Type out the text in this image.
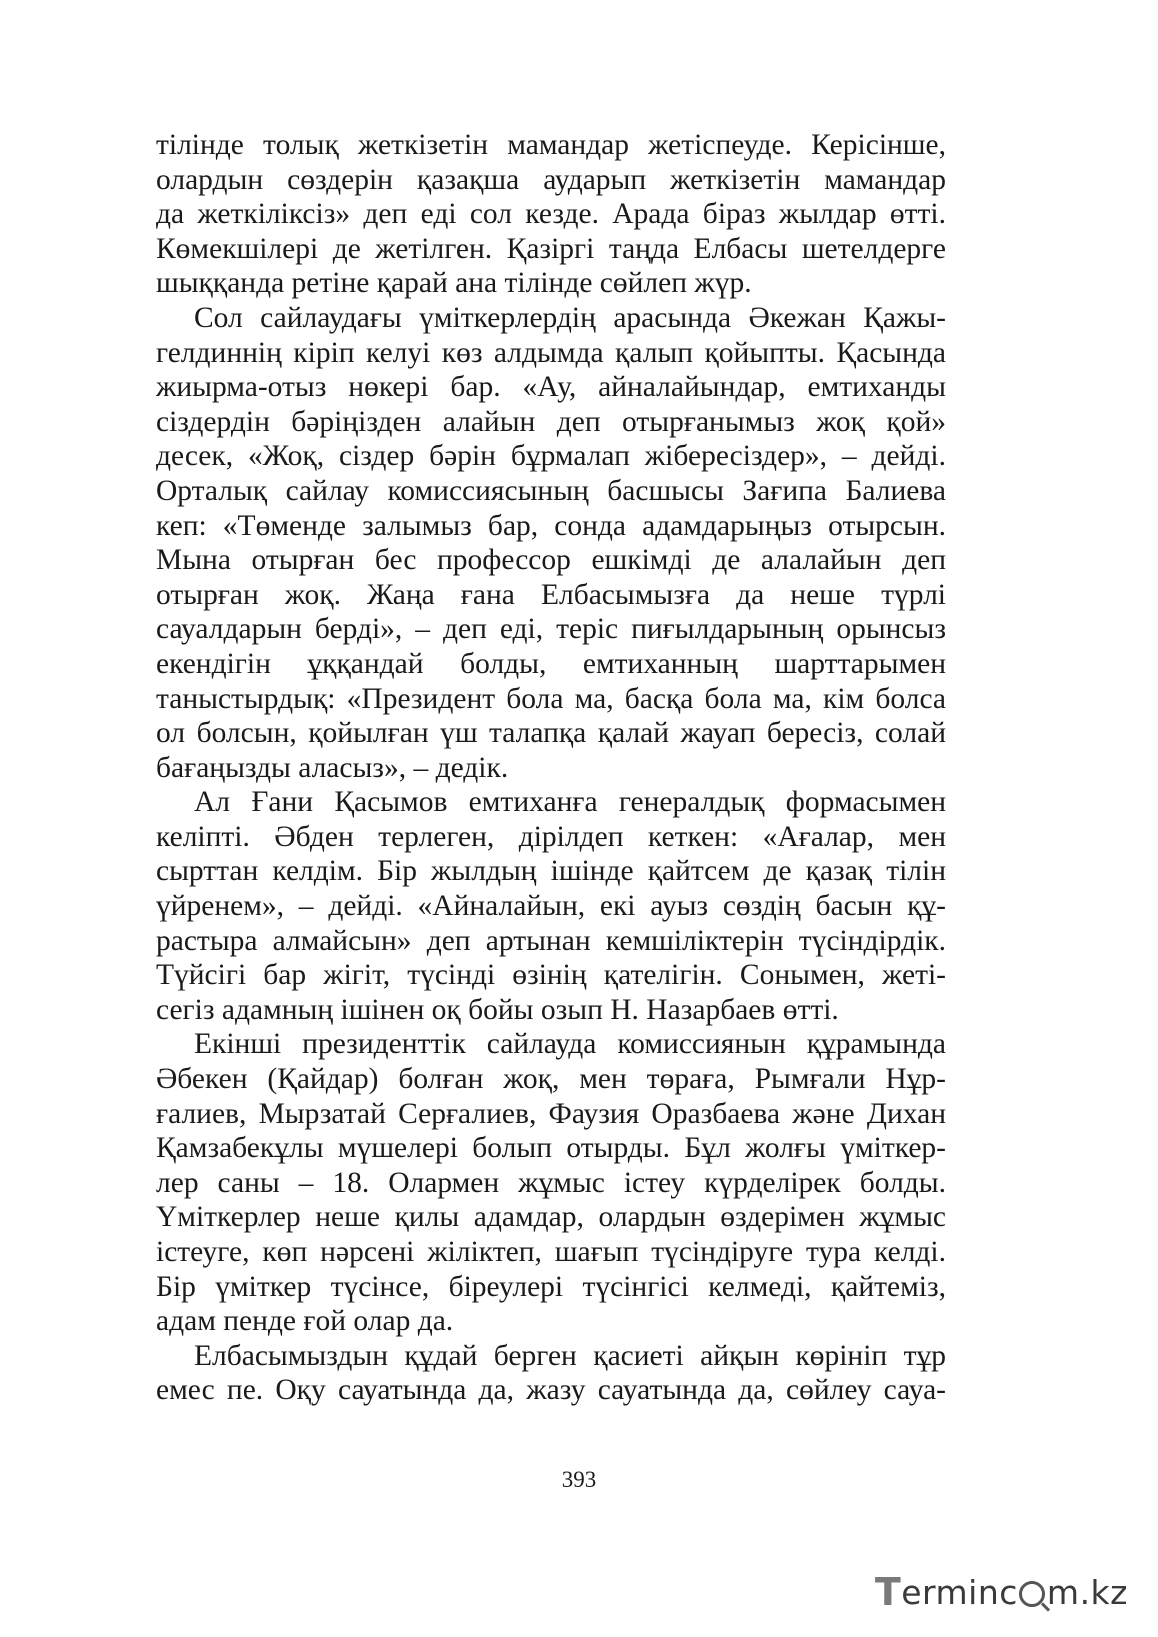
тілінде толық жеткізетін мамандар жетіспеуде. Керісінше,
олардын сөздерін қазақша аударып жеткізетін мамандар
да жеткіліксіз» деп еді сол кезде. Арада біраз жылдар өтті.
Көмекшілері де жетілген. Қазіргі таңда Елбасы шетелдерге
шыққанда ретіне қарай ана тілінде сөйлеп жүр.
Сол сайлаудағы үміткерлердің арасында Әкежан Қажы-
гелдиннің кіріп келуі көз алдымда қалып қойыпты. Қасында
жиырма-отыз нөкері бар. «Ау, айналайындар, емтиханды
сіздердін бәріңізден алайын деп отырғанымыз жоқ қой»
десек, «Жоқ, сіздер бәрін бұрмалап жібересіздер», – дейді.
Орталық сайлау комиссиясының басшысы Зағипа Балиева
кеп: «Төменде залымыз бар, сонда адамдарыңыз отырсын.
Мына отырған бес профессор ешкімді де алалайын деп
отырған жоқ. Жаңа ғана Елбасымызға да неше түрлі
сауалдарын берді», – деп еді, теріс пиғылдарының орынсыз
екендігін ұққандай болды, емтиханның шарттарымен
таныстырдық: «Президент бола ма, басқа бола ма, кім болса
ол болсын, қойылған үш талапқа қалай жауап бересіз, солай
бағаңызды аласыз», – дедік.
Ал Ғани Қасымов емтиханға генералдық формасымен
келіпті. Әбден терлеген, дірілдеп кеткен: «Ағалар, мен
сырттан келдім. Бір жылдың ішінде қайтсем де қазақ тілін
үйренем», – дейді. «Айналайын, екі ауыз сөздің басын құ-
растыра алмайсын» деп артынан кемшіліктерін түсіндірдік.
Түйсігі бар жігіт, түсінді өзінің қателігін. Сонымен, жеті-
сегіз адамның ішінен оқ бойы озып Н. Назарбаев өтті.
Екінші президенттік сайлауда комиссиянын құрамында
Әбекен (Қайдар) болған жоқ, мен төраға, Рымғали Нұр-
ғалиев, Мырзатай Серғалиев, Фаузия Оразбаева және Дихан
Қамзабекұлы мүшелері болып отырды. Бұл жолғы үміткер-
лер саны – 18. Олармен жұмыс істеу күрделірек болды.
Үміткерлер неше қилы адамдар, олардын өздерімен жұмыс
істеуге, көп нәрсені жіліктеп, шағып түсіндіруге тура келді.
Бір үміткер түсінсе, біреулері түсінгісі келмеді, қайтеміз,
адам пенде ғой олар да.
Елбасымыздын құдай берген қасиеті айқын көрініп тұр
емес пе. Оқу сауатында да, жазу сауатында да, сөйлеу сауа-
393
T erminc m.kz
